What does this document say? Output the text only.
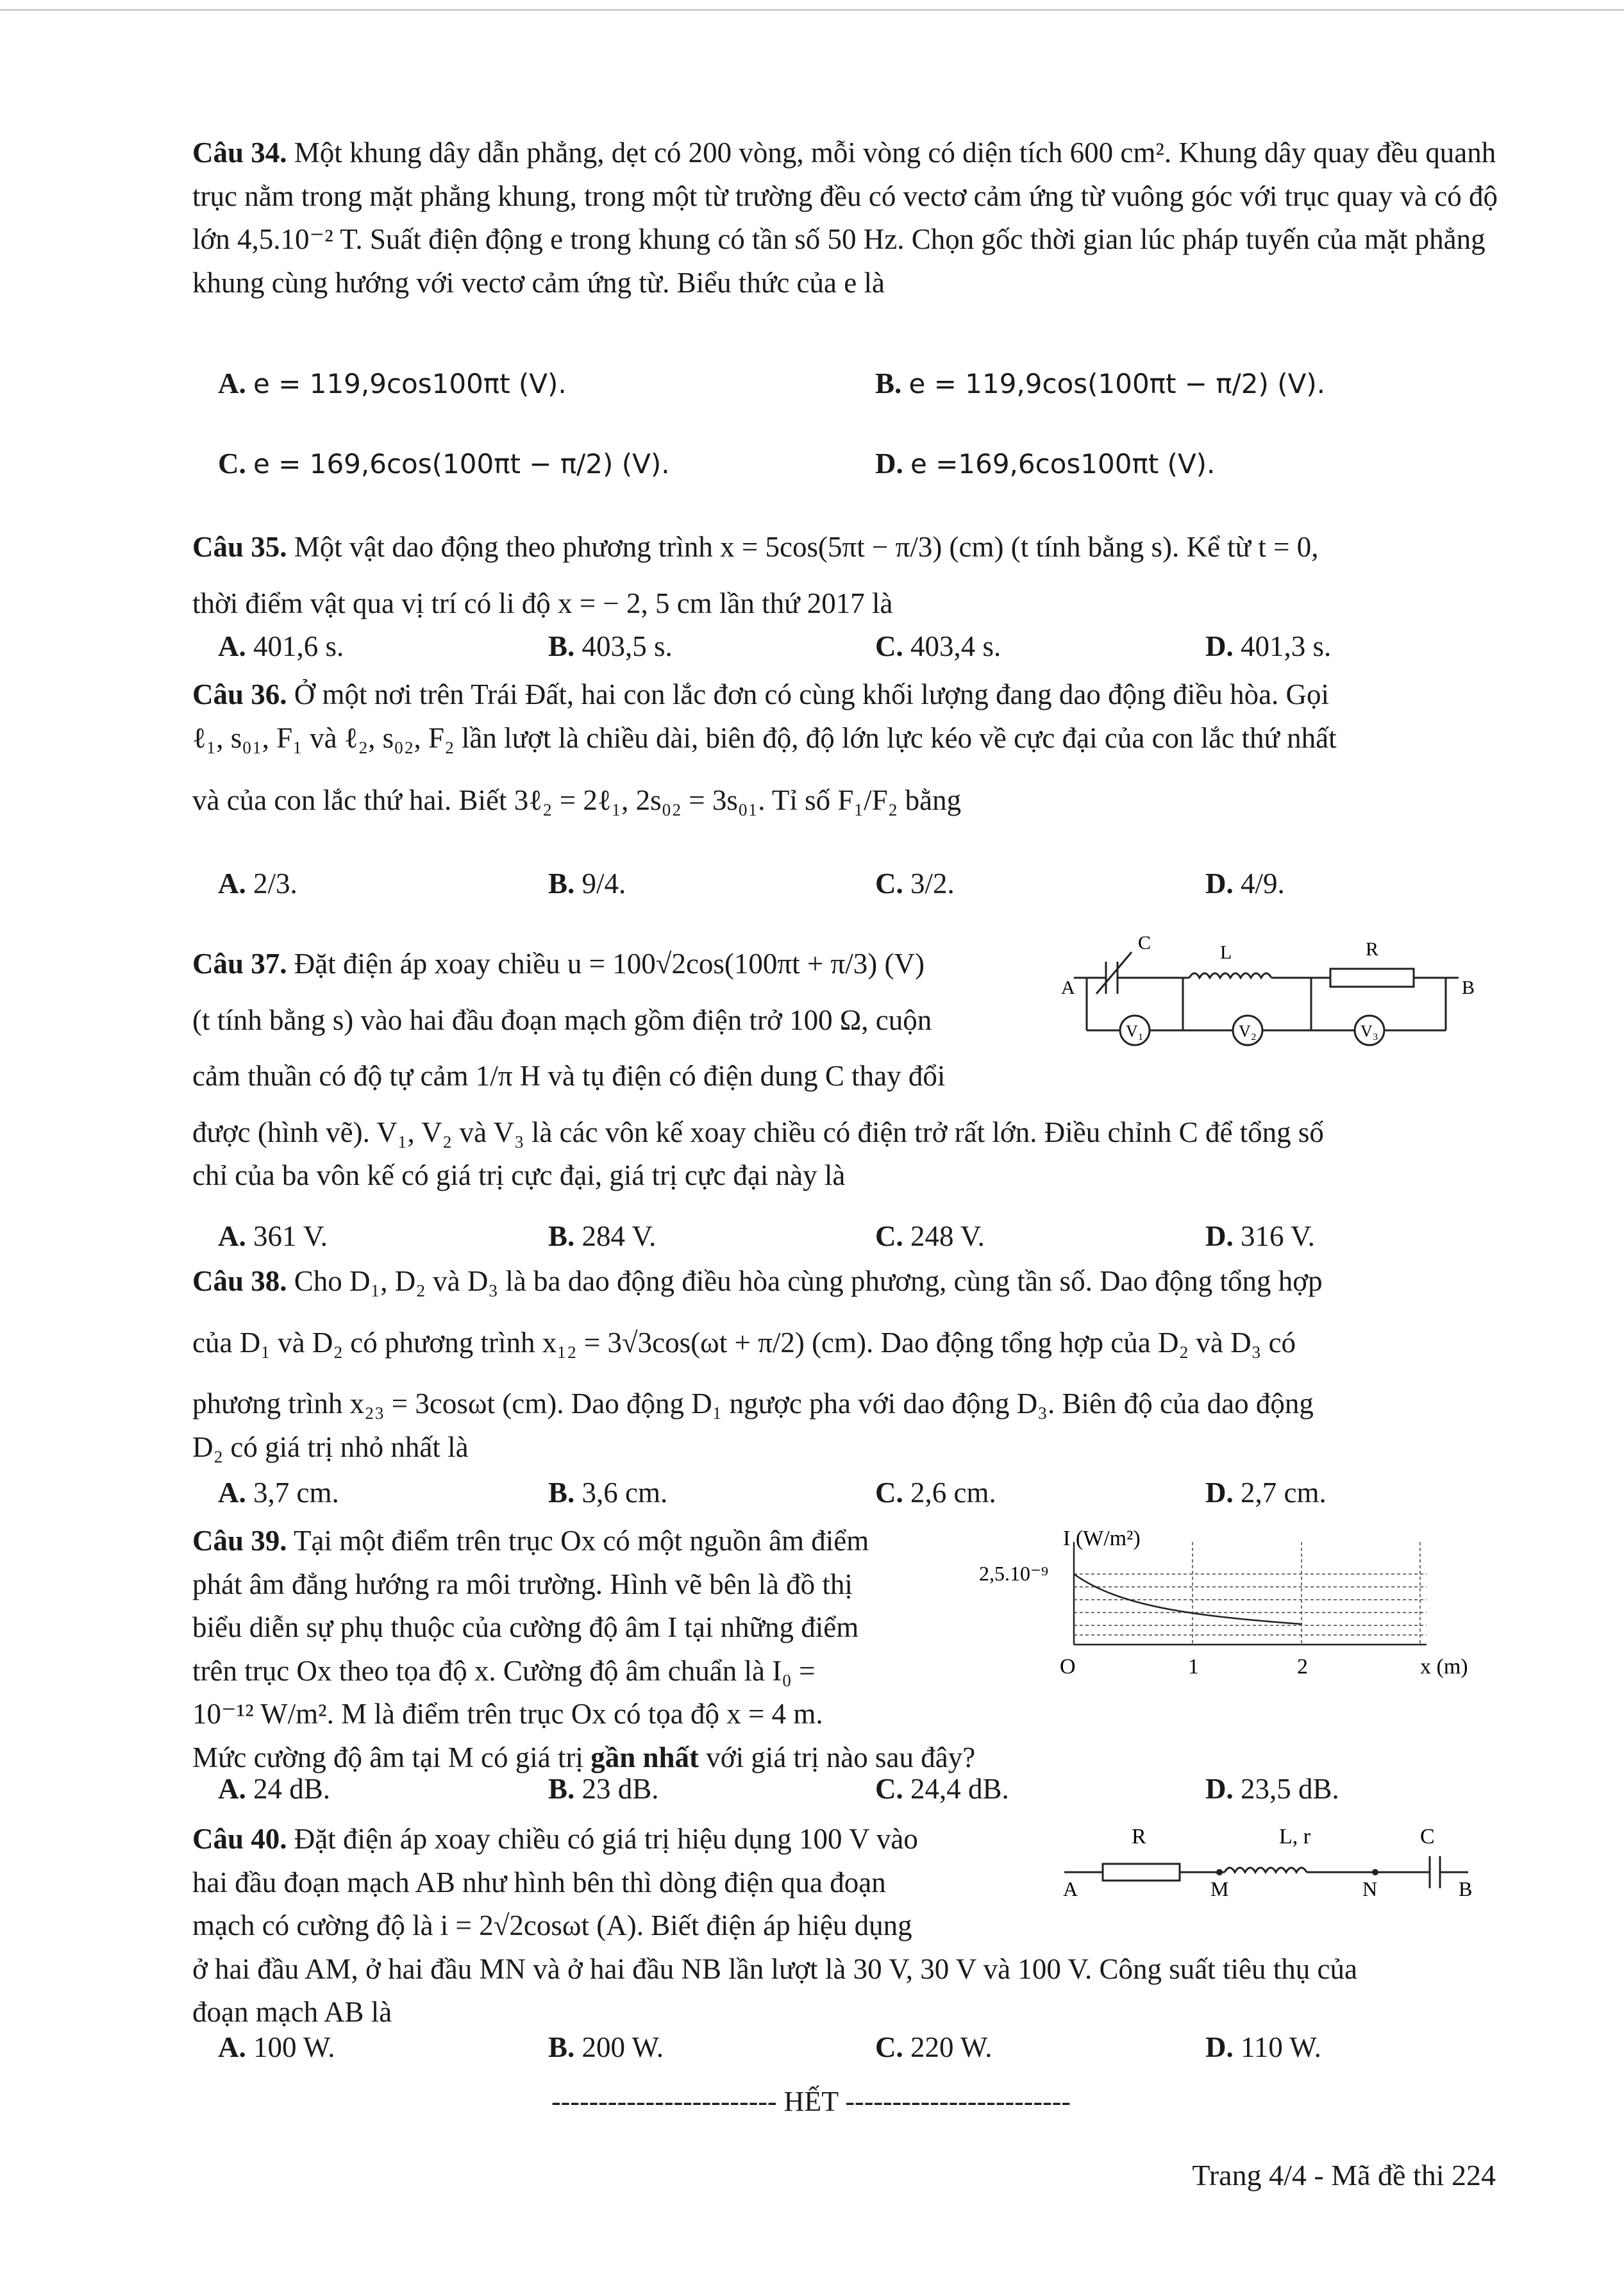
Câu 34. Một khung dây dẫn phẳng, dẹt có 200 vòng, mỗi vòng có diện tích 600 cm². Khung dây quay đều quanh trục nằm trong mặt phẳng khung, trong một từ trường đều có vectơ cảm ứng từ vuông góc với trục quay và có độ lớn 4,5.10⁻² T. Suất điện động e trong khung có tần số 50 Hz. Chọn gốc thời gian lúc pháp tuyến của mặt phẳng khung cùng hướng với vectơ cảm ứng từ. Biểu thức của e là

A. e = 119,9cos100πt (V).	B. e = 119,9cos(100πt − π/2) (V).
C. e = 169,6cos(100πt − π/2) (V).	D. e =169,6cos100πt (V).

Câu 35. Một vật dao động theo phương trình x = 5cos(5πt − π/3) (cm) (t tính bằng s). Kể từ t = 0,

thời điểm vật qua vị trí có li độ x = − 2, 5 cm lần thứ 2017 là

A. 401,6 s.	B. 403,5 s.	C. 403,4 s.	D. 401,3 s.

Câu 36. Ở một nơi trên Trái Đất, hai con lắc đơn có cùng khối lượng đang dao động điều hòa. Gọi

ℓ₁, s₀₁, F₁ và ℓ₂, s₀₂, F₂ lần lượt là chiều dài, biên độ, độ lớn lực kéo về cực đại của con lắc thứ nhất

và của con lắc thứ hai. Biết 3ℓ₂ = 2ℓ₁, 2s₀₂ = 3s₀₁. Tỉ số F₁/F₂ bằng

A. 2/3.	B. 9/4.	C. 3/2.	D. 4/9.

Câu 37. Đặt điện áp xoay chiều u = 100√2cos(100πt + π/3) (V)

(t tính bằng s) vào hai đầu đoạn mạch gồm điện trở 100 Ω, cuộn

cảm thuần có độ tự cảm 1/π H và tụ điện có điện dung C thay đổi

được (hình vẽ). V₁, V₂ và V₃ là các vôn kế xoay chiều có điện trở rất lớn. Điều chỉnh C để tổng số

chỉ của ba vôn kế có giá trị cực đại, giá trị cực đại này là

A	B
C	L	R
V₁	V₂	V₃
A. 361 V.	B. 284 V.	C. 248 V.	D. 316 V.

Câu 38. Cho D₁, D₂ và D₃ là ba dao động điều hòa cùng phương, cùng tần số. Dao động tổng hợp

của D₁ và D₂ có phương trình x₁₂ = 3√3cos(ωt + π/2) (cm). Dao động tổng hợp của D₂ và D₃ có

phương trình x₂₃ = 3cosωt (cm). Dao động D₁ ngược pha với dao động D₃. Biên độ của dao động

D₂ có giá trị nhỏ nhất là

A. 3,7 cm.	B. 3,6 cm.	C. 2,6 cm.	D. 2,7 cm.

Câu 39. Tại một điểm trên trục Ox có một nguồn âm điểm

phát âm đẳng hướng ra môi trường. Hình vẽ bên là đồ thị

biểu diễn sự phụ thuộc của cường độ âm I tại những điểm

trên trục Ox theo tọa độ x. Cường độ âm chuẩn là I₀ =

10⁻¹² W/m². M là điểm trên trục Ox có tọa độ x = 4 m.

Mức cường độ âm tại M có giá trị gần nhất với giá trị nào sau đây?

I (W/m²)
2,5.10⁻⁹
O	1	2	x (m)
A. 24 dB.	B. 23 dB.	C. 24,4 dB.	D. 23,5 dB.

Câu 40. Đặt điện áp xoay chiều có giá trị hiệu dụng 100 V vào

hai đầu đoạn mạch AB như hình bên thì dòng điện qua đoạn

mạch có cường độ là i = 2√2cosωt (A). Biết điện áp hiệu dụng

ở hai đầu AM, ở hai đầu MN và ở hai đầu NB lần lượt là 30 V, 30 V và 100 V. Công suất tiêu thụ của

đoạn mạch AB là

R	L, r	C
A	M	N	B
A. 100 W.	B. 200 W.	C. 220 W.	D. 110 W.
------------------------ HẾT ------------------------
Trang 4/4 - Mã đề thi 224
